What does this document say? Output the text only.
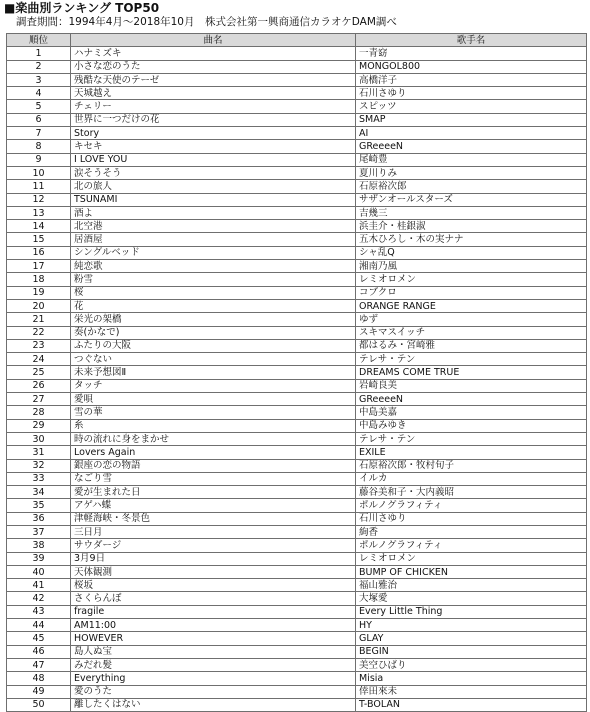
■楽曲別ランキング TOP50
調査期間：1994年4月～2018年10月　株式会社第一興商通信カラオケDAM調べ
順位	曲名	歌手名
1	ハナミズキ	一青窈
2	小さな恋のうた	MONGOL800
3	残酷な天使のテーゼ	高橋洋子
4	天城越え	石川さゆり
5	チェリー	スピッツ
6	世界に一つだけの花	SMAP
7	Story	AI
8	キセキ	GReeeeN
9	I LOVE YOU	尾崎豊
10	涙そうそう	夏川りみ
11	北の旅人	石原裕次郎
12	TSUNAMI	サザンオールスターズ
13	酒よ	吉幾三
14	北空港	浜圭介・桂銀淑
15	居酒屋	五木ひろし・木の実ナナ
16	シングルベッド	シャ乱Q
17	純恋歌	湘南乃風
18	粉雪	レミオロメン
19	桜	コブクロ
20	花	ORANGE RANGE
21	栄光の架橋	ゆず
22	奏(かなで)	スキマスイッチ
23	ふたりの大阪	都はるみ・宮崎雅
24	つぐない	テレサ・テン
25	未来予想図Ⅱ	DREAMS COME TRUE
26	タッチ	岩崎良美
27	愛唄	GReeeeN
28	雪の華	中島美嘉
29	糸	中島みゆき
30	時の流れに身をまかせ	テレサ・テン
31	Lovers Again	EXILE
32	銀座の恋の物語	石原裕次郎・牧村旬子
33	なごり雪	イルカ
34	愛が生まれた日	藤谷美和子・大内義昭
35	アゲハ蝶	ポルノグラフィティ
36	津軽海峡・冬景色	石川さゆり
37	三日月	絢香
38	サウダージ	ポルノグラフィティ
39	3月9日	レミオロメン
40	天体観測	BUMP OF CHICKEN
41	桜坂	福山雅治
42	さくらんぼ	大塚愛
43	fragile	Every Little Thing
44	AM11:00	HY
45	HOWEVER	GLAY
46	島人ぬ宝	BEGIN
47	みだれ髪	美空ひばり
48	Everything	Misia
49	愛のうた	倖田來未
50	離したくはない	T-BOLAN
